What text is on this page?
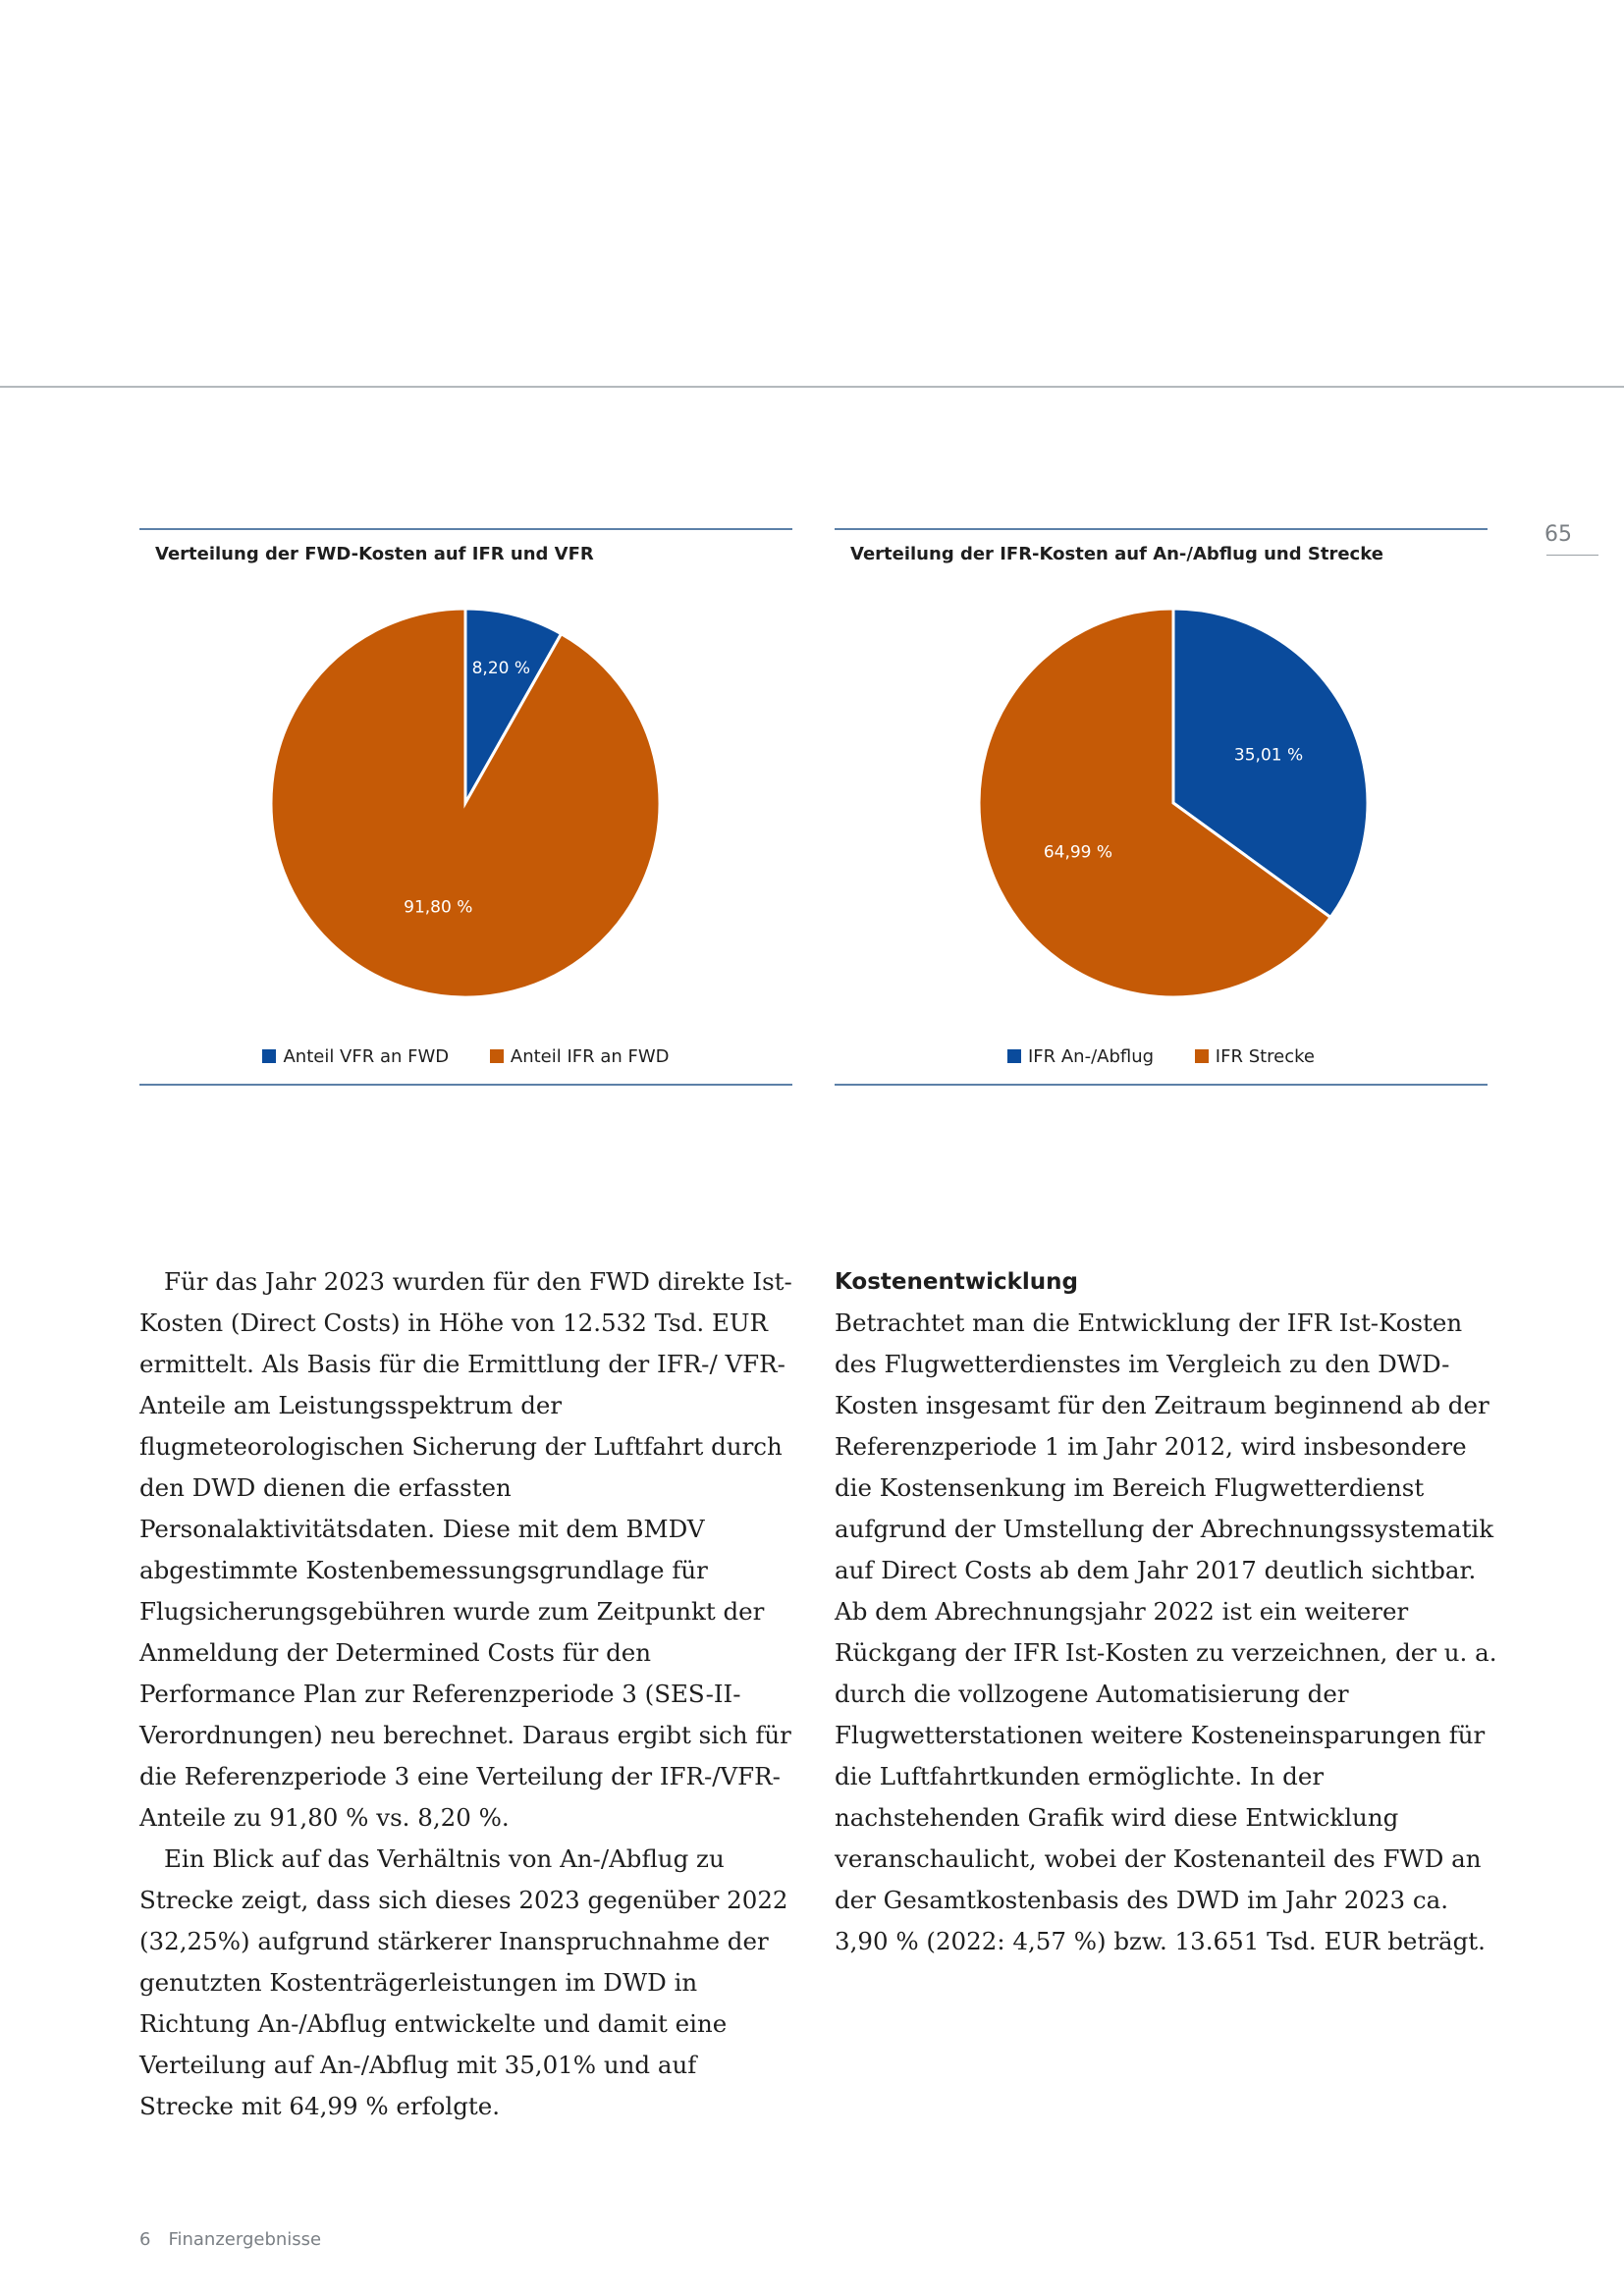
65
Verteilung der FWD-Kosten auf IFR und VFR
8,20 %
91,80 %
Anteil VFR an FWD	Anteil IFR an FWD
Verteilung der IFR-Kosten auf An-/Abflug und Strecke
35,01 %
64,99 %
IFR An-/Abflug	IFR Strecke

Für das Jahr 2023 wurden für den FWD direkte Ist-Kosten (Direct Costs) in Höhe von 12.532 Tsd. EUR ermittelt. Als Basis für die Ermittlung der IFR-/ VFR-Anteile am Leistungsspektrum der flugmeteorologischen Sicherung der Luftfahrt durch den DWD dienen die erfassten Personalaktivitätsdaten. Diese mit dem BMDV abgestimmte Kostenbemessungsgrundlage für Flugsicherungsgebühren wurde zum Zeitpunkt der Anmeldung der Determined Costs für den Performance Plan zur Referenzperiode 3 (SES-II-Verordnungen) neu berechnet. Daraus ergibt sich für die Referenzperiode 3 eine Verteilung der IFR-/VFR-Anteile zu 91,80 % vs. 8,20 %.

Ein Blick auf das Verhältnis von An-/Abflug zu Strecke zeigt, dass sich dieses 2023 gegenüber 2022 (32,25%) aufgrund stärkerer Inanspruchnahme der genutzten Kostenträgerleistungen im DWD in Richtung An-/Abflug entwickelte und damit eine Verteilung auf An-/Abflug mit 35,01% und auf Strecke mit 64,99 % erfolgte.

Kostenentwicklung

Betrachtet man die Entwicklung der IFR Ist-Kosten des Flugwetterdienstes im Vergleich zu den DWD-Kosten insgesamt für den Zeitraum beginnend ab der Referenzperiode 1 im Jahr 2012, wird insbesondere die Kostensenkung im Bereich Flugwetterdienst aufgrund der Umstellung der Abrechnungssystematik auf Direct Costs ab dem Jahr 2017 deutlich sichtbar. Ab dem Abrechnungsjahr 2022 ist ein weiterer Rückgang der IFR Ist-Kosten zu verzeichnen, der u. a. durch die vollzogene Automatisierung der Flugwetterstationen weitere Kosteneinsparungen für die Luftfahrtkunden ermöglichte. In der nachstehenden Grafik wird diese Entwicklung veranschaulicht, wobei der Kostenanteil des FWD an der Gesamtkostenbasis des DWD im Jahr 2023 ca. 3,90 % (2022: 4,57 %) bzw. 13.651 Tsd. EUR beträgt.

6 Finanzergebnisse
